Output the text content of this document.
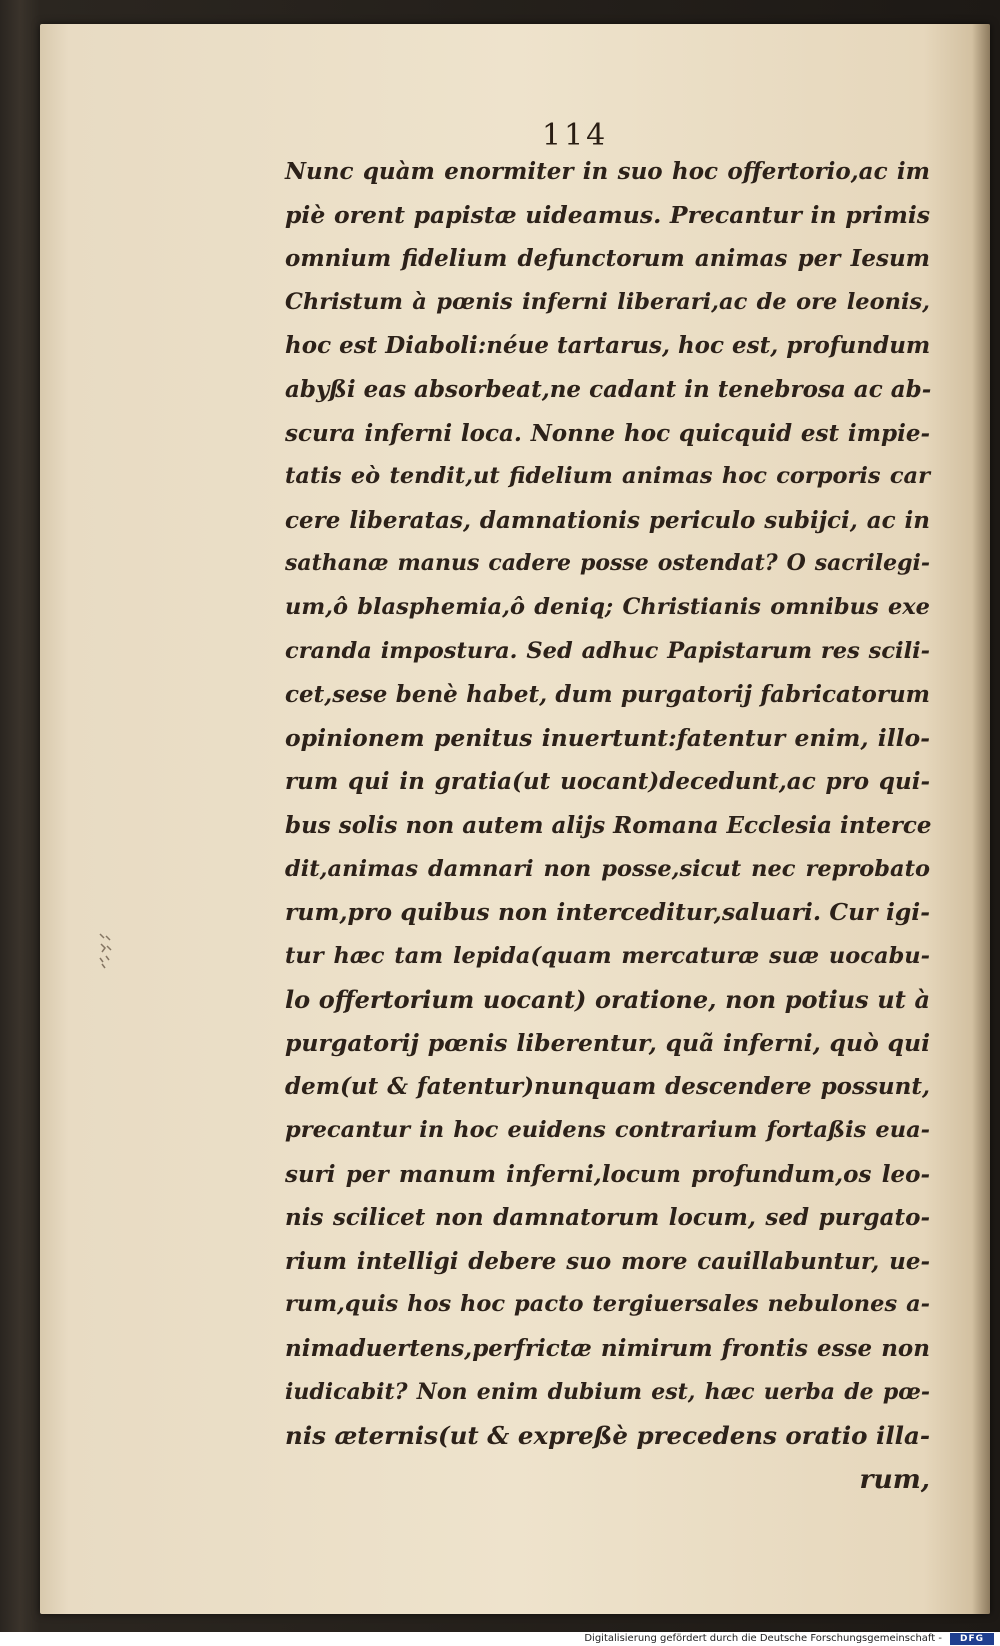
114
Nunc quàm enormiter in suo hoc offertorio,ac im
piè orent papistæ uideamus. Precantur in primis
omnium fidelium defunctorum animas per Iesum
Christum à pœnis inferni liberari,ac de ore leonis,
hoc est Diaboli:néue tartarus, hoc est, profundum
abyßi eas absorbeat,ne cadant in tenebrosa ac ab-
scura inferni loca. Nonne hoc quicquid est impie-
tatis eò tendit,ut fidelium animas hoc corporis car
cere liberatas, damnationis periculo subijci, ac in
sathanæ manus cadere posse ostendat? O sacrilegi-
um,ô blasphemia,ô deniq; Christianis omnibus exe
cranda impostura. Sed adhuc Papistarum res scili-
cet,sese benè habet, dum purgatorij fabricatorum
opinionem penitus inuertunt:fatentur enim, illo-
rum qui in gratia(ut uocant)decedunt,ac pro qui-
bus solis non autem alijs Romana Ecclesia interce
dit,animas damnari non posse,sicut nec reprobato
rum,pro quibus non interceditur,saluari. Cur igi-
tur hæc tam lepida(quam mercaturæ suæ uocabu-
lo offertorium uocant) oratione, non potius ut à
purgatorij pœnis liberentur, quã inferni, quò qui
dem(ut & fatentur)nunquam descendere possunt,
precantur in hoc euidens contrarium fortaßis eua-
suri per manum inferni,locum profundum,os leo-
nis scilicet non damnatorum locum, sed purgato-
rium intelligi debere suo more cauillabuntur, ue-
rum,quis hos hoc pacto tergiuersales nebulones a-
nimaduertens,perfrictæ nimirum frontis esse non
iudicabit? Non enim dubium est, hæc uerba de pœ-
nis æternis(ut & expreßè precedens oratio illa-
rum,
Digitalisierung gefördert durch die Deutsche Forschungsgemeinschaft -	DFG
